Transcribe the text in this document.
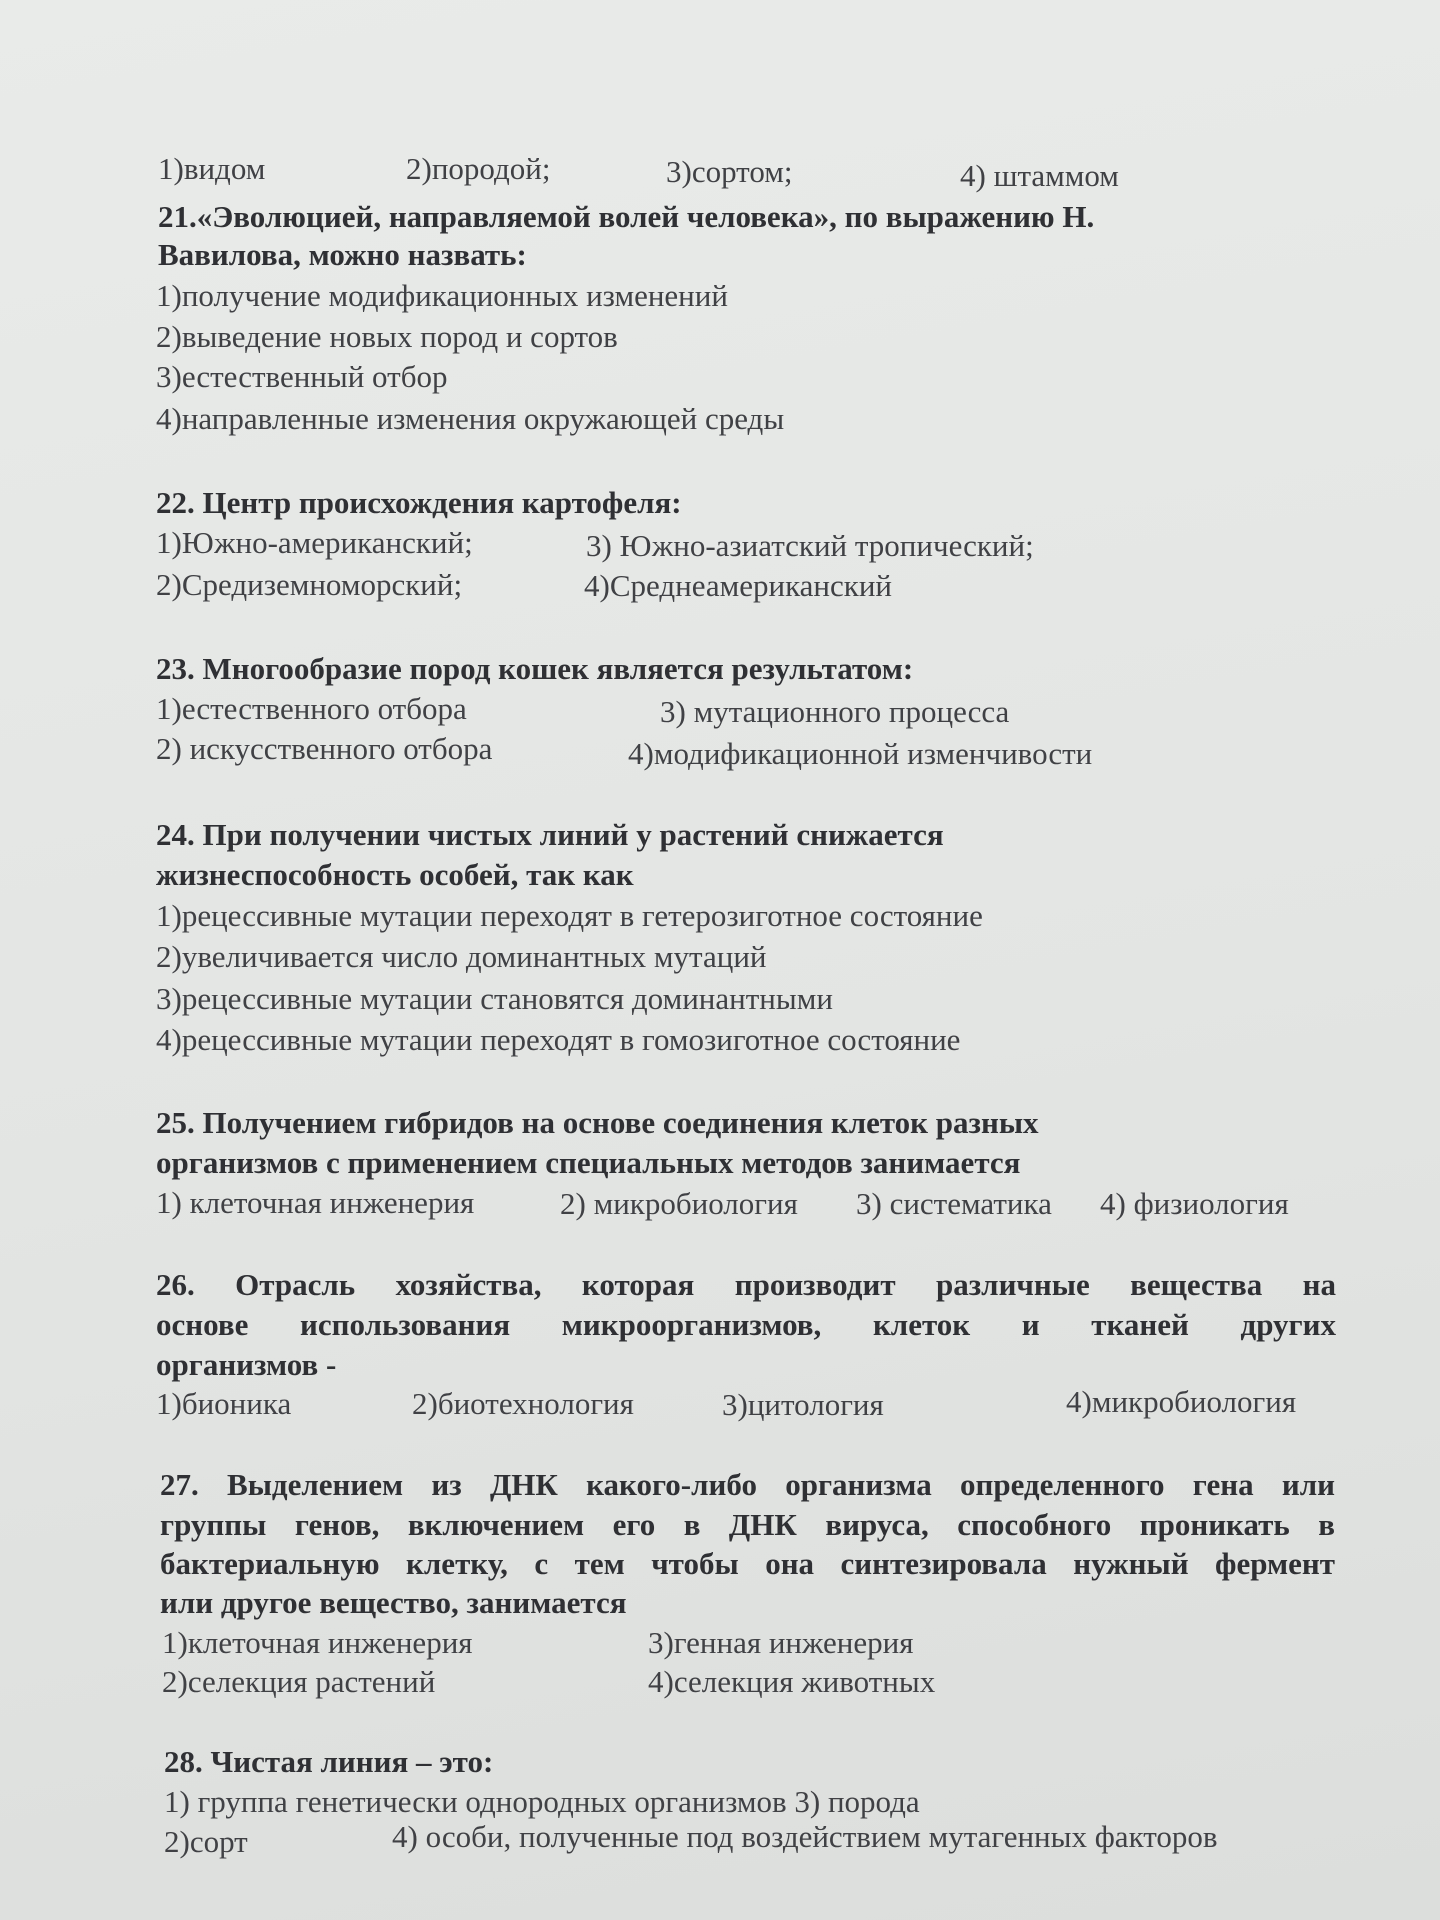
1)видом	2)породой;	3)сортом;	4) штаммом
21.«Эволюцией, направляемой волей человека», по выражению Н.
Вавилова, можно назвать:
1)получение модификационных изменений
2)выведение новых пород и сортов
3)естественный отбор
4)направленные изменения окружающей среды
22. Центр происхождения картофеля:
1)Южно-американский;	3) Южно-азиатский тропический;
2)Средиземноморский;	4)Среднеамериканский
23. Многообразие пород кошек является результатом:
1)естественного отбора	3) мутационного процесса
2) искусственного отбора	4)модификационной изменчивости
24. При получении чистых линий у растений снижается
жизнеспособность особей, так как
1)рецессивные мутации переходят в гетерозиготное состояние
2)увеличивается число доминантных мутаций
3)рецессивные мутации становятся доминантными
4)рецессивные мутации переходят в гомозиготное состояние
25. Получением гибридов на основе соединения клеток разных
организмов с применением специальных методов занимается
1) клеточная инженерия	2) микробиология 3) систематика 4) физиология
26. Отрасль хозяйства, которая производит различные вещества на
основе использования микроорганизмов, клеток и тканей других
организмов -
1)бионика	2)биотехнология	3)цитология	4)микробиология
27. Выделением из ДНК какого-либо организма определенного гена или
группы генов, включением его в ДНК вируса, способного проникать в
бактериальную клетку, с тем чтобы она синтезировала нужный фермент
или другое вещество, занимается
1)клеточная инженерия	3)генная инженерия
2)селекция растений	4)селекция животных
28. Чистая линия – это:
1) группа генетически однородных организмов 3) порода
2)сорт	4) особи, полученные под воздействием мутагенных факторов
